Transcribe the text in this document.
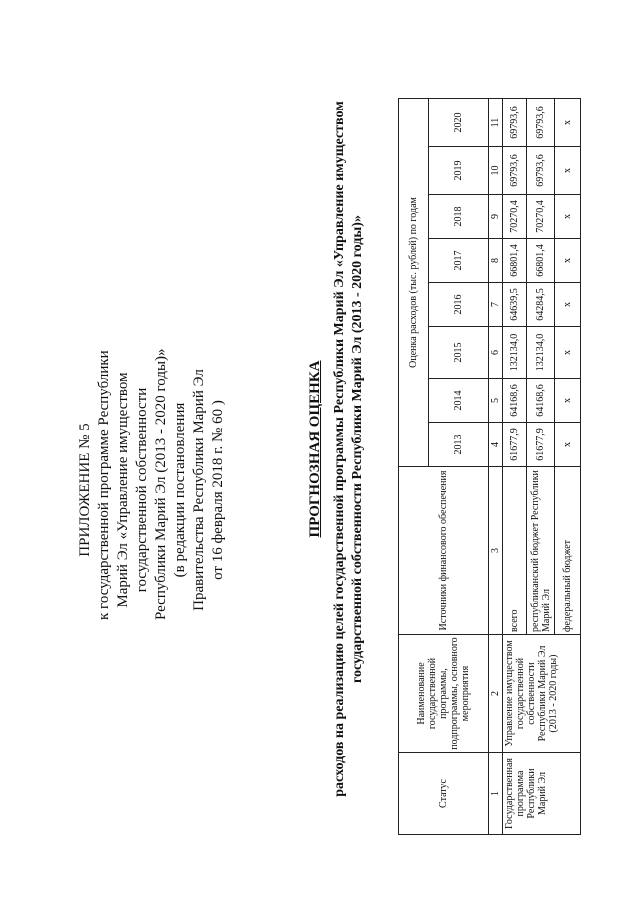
ПРИЛОЖЕНИЕ № 5 к государственной программе Республики Марий Эл «Управление имуществом государственной собственности Республики Марий Эл (2013 - 2020 годы)» (в редакции постановления Правительства Республики Марий Эл от 16 февраля 2018 г. № 60 )	ПРОГНОЗНАЯ ОЦЕНКА расходов на реализацию целей государственной программы Республики Марий Эл «Управление имуществом государственной собственности Республики Марий Эл (2013 - 2020 годы)»
Статус	Наименование государственной программы, подпрограммы, основного мероприятия	Источники финансового обеспечения	Оценка расходов (тыс. рублей) по годам							
			2013	2014	2015	2016	2017	2018	2019	2020
1	2	3	4	5	6	7	8	9	10	11
Государственная программа Республики Марий Эл	Управление имуществом государственной собственности Республики Марий Эл (2013 - 2020 годы)	всего	61677,9	64168,6	132134,0	64639,5	66801,4	70270,4	69793,6	69793,6
		республиканский бюджет Республики Марий Эл	61677,9	64168,6	132134,0	64284,5	66801,4	70270,4	69793,6	69793,6
		федеральный бюджет	х	х	х	х	х	х	х	х
